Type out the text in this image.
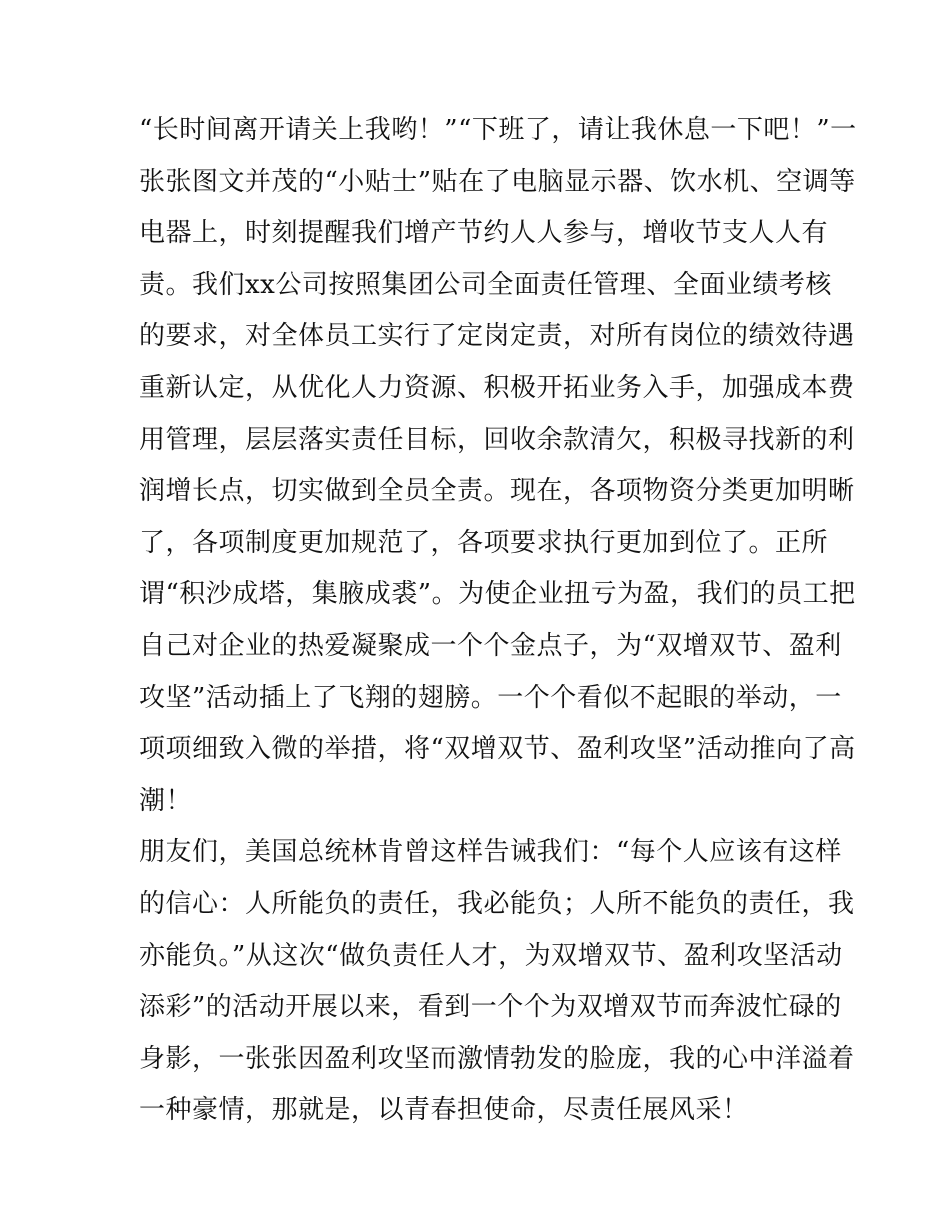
“长时间离开请关上我哟！”“下班了，请让我休息一下吧！”一
张张图文并茂的“小贴士”贴在了电脑显示器、饮水机、空调等
电器上，时刻提醒我们增产节约人人参与，增收节支人人有
责。我们xx公司按照集团公司全面责任管理、全面业绩考核
的要求，对全体员工实行了定岗定责，对所有岗位的绩效待遇
重新认定，从优化人力资源、积极开拓业务入手，加强成本费
用管理，层层落实责任目标，回收余款清欠，积极寻找新的利
润增长点，切实做到全员全责。现在，各项物资分类更加明晰
了，各项制度更加规范了，各项要求执行更加到位了。正所
谓“积沙成塔，集腋成裘”。为使企业扭亏为盈，我们的员工把
自己对企业的热爱凝聚成一个个金点子，为“双增双节、盈利
攻坚”活动插上了飞翔的翅膀。一个个看似不起眼的举动，一
项项细致入微的举措，将“双增双节、盈利攻坚”活动推向了高
潮！
朋友们，美国总统林肯曾这样告诫我们：“每个人应该有这样
的信心：人所能负的责任，我必能负；人所不能负的责任，我
亦能负。”从这次“做负责任人才，为双增双节、盈利攻坚活动
添彩”的活动开展以来，看到一个个为双增双节而奔波忙碌的
身影，一张张因盈利攻坚而激情勃发的脸庞，我的心中洋溢着
一种豪情，那就是，以青春担使命，尽责任展风采！
